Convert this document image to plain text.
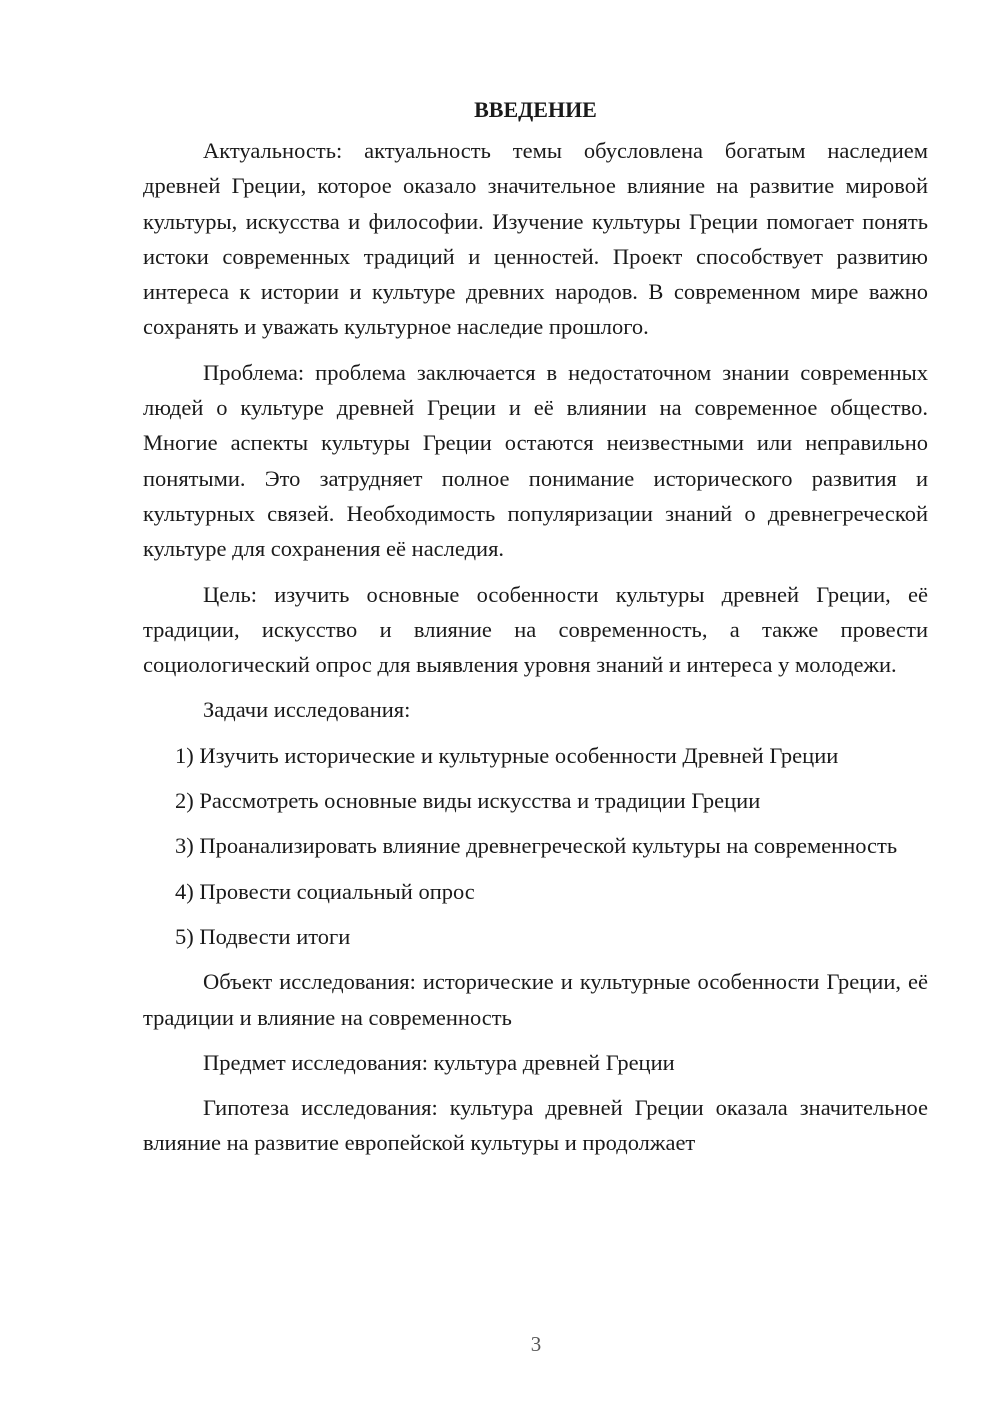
ВВЕДЕНИЕ

Актуальность: актуальность темы обусловлена богатым наследием древней Греции, которое оказало значительное влияние на развитие мировой культуры, искусства и философии. Изучение культуры Греции помогает понять истоки современных традиций и ценностей. Проект способствует развитию интереса к истории и культуре древних народов. В современном мире важно сохранять и уважать культурное наследие прошлого.

Проблема: проблема заключается в недостаточном знании современных людей о культуре древней Греции и её влиянии на современное общество. Многие аспекты культуры Греции остаются неизвестными или неправильно понятыми. Это затрудняет полное понимание исторического развития и культурных связей. Необходимость популяризации знаний о древнегреческой культуре для сохранения её наследия.

Цель: изучить основные особенности культуры древней Греции, её традиции, искусство и влияние на современность, а также провести социологический опрос для выявления уровня знаний и интереса у молодежи.

Задачи исследования:

1) Изучить исторические и культурные особенности Древней Греции

2) Рассмотреть основные виды искусства и традиции Греции

3) Проанализировать влияние древнегреческой культуры на современность

4) Провести социальный опрос

5) Подвести итоги

Объект исследования: исторические и культурные особенности Греции, её традиции и влияние на современность

Предмет исследования: культура древней Греции

Гипотеза исследования: культура древней Греции оказала значительное влияние на развитие европейской культуры и продолжает

3
